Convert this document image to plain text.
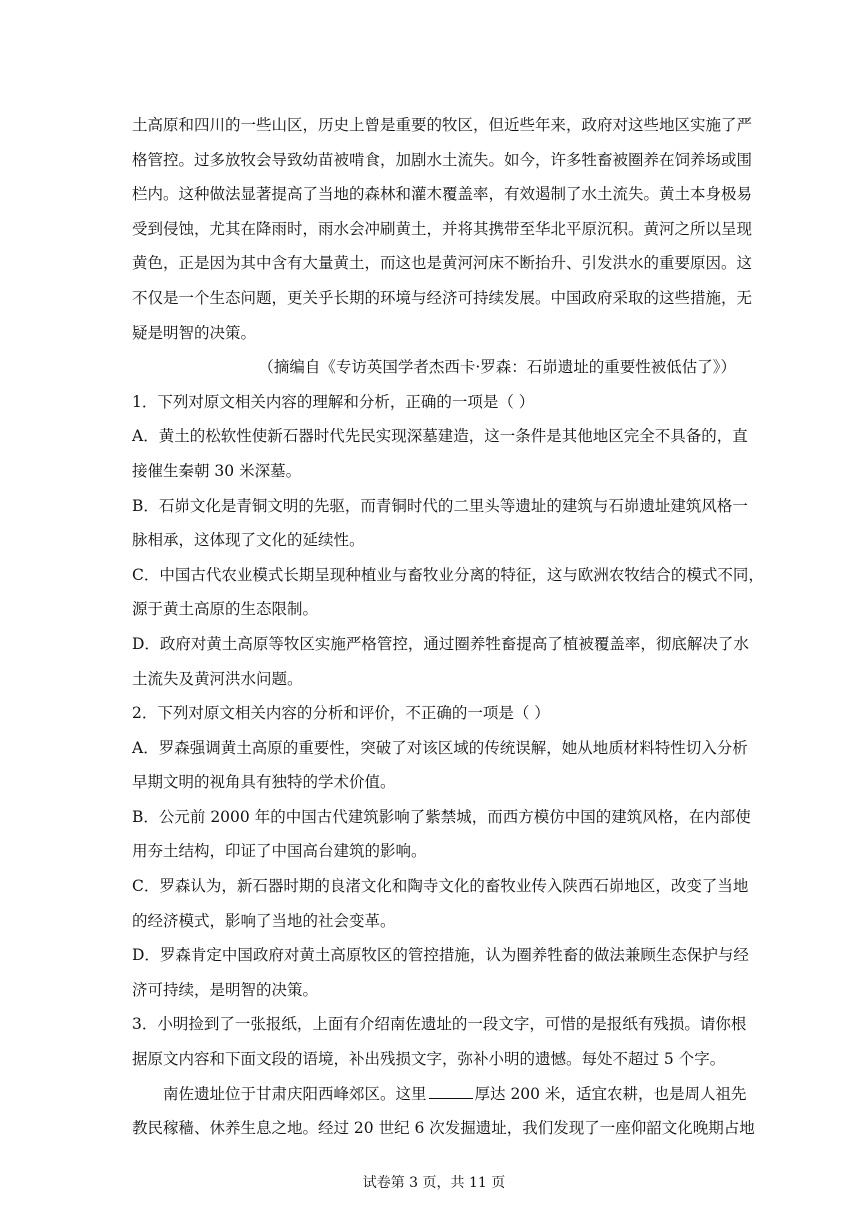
土高原和四川的一些山区，历史上曾是重要的牧区，但近些年来，政府对这些地区实施了严
格管控。过多放牧会导致幼苗被啃食，加剧水土流失。如今，许多牲畜被圈养在饲养场或围
栏内。这种做法显著提高了当地的森林和灌木覆盖率，有效遏制了水土流失。黄土本身极易
受到侵蚀，尤其在降雨时，雨水会冲刷黄土，并将其携带至华北平原沉积。黄河之所以呈现
黄色，正是因为其中含有大量黄土，而这也是黄河河床不断抬升、引发洪水的重要原因。这
不仅是一个生态问题，更关乎长期的环境与经济可持续发展。中国政府采取的这些措施，无
疑是明智的决策。
（摘编自《专访英国学者杰西卡·罗森：石峁遗址的重要性被低估了》）
1．下列对原文相关内容的理解和分析，正确的一项是（ ）
A．黄土的松软性使新石器时代先民实现深墓建造，这一条件是其他地区完全不具备的，直
接催生秦朝 30 米深墓。
B．石峁文化是青铜文明的先驱，而青铜时代的二里头等遗址的建筑与石峁遗址建筑风格一
脉相承，这体现了文化的延续性。
C．中国古代农业模式长期呈现种植业与畜牧业分离的特征，这与欧洲农牧结合的模式不同，
源于黄土高原的生态限制。
D．政府对黄土高原等牧区实施严格管控，通过圈养牲畜提高了植被覆盖率，彻底解决了水
土流失及黄河洪水问题。
2．下列对原文相关内容的分析和评价，不正确的一项是（ ）
A．罗森强调黄土高原的重要性，突破了对该区域的传统误解，她从地质材料特性切入分析
早期文明的视角具有独特的学术价值。
B．公元前 2000 年的中国古代建筑影响了紫禁城，而西方模仿中国的建筑风格，在内部使
用夯土结构，印证了中国高台建筑的影响。
C．罗森认为，新石器时期的良渚文化和陶寺文化的畜牧业传入陕西石峁地区，改变了当地
的经济模式，影响了当地的社会变革。
D．罗森肯定中国政府对黄土高原牧区的管控措施，认为圈养牲畜的做法兼顾生态保护与经
济可持续，是明智的决策。
3．小明捡到了一张报纸，上面有介绍南佐遗址的一段文字，可惜的是报纸有残损。请你根
据原文内容和下面文段的语境，补出残损文字，弥补小明的遗憾。每处不超过 5 个字。
南佐遗址位于甘肃庆阳西峰郊区。这里	厚达 200 米，适宜农耕，也是周人祖先
教民稼穑、休养生息之地。经过 20 世纪 6 次发掘遗址，我们发现了一座仰韶文化晚期占地
试卷第 3 页，共 11 页
